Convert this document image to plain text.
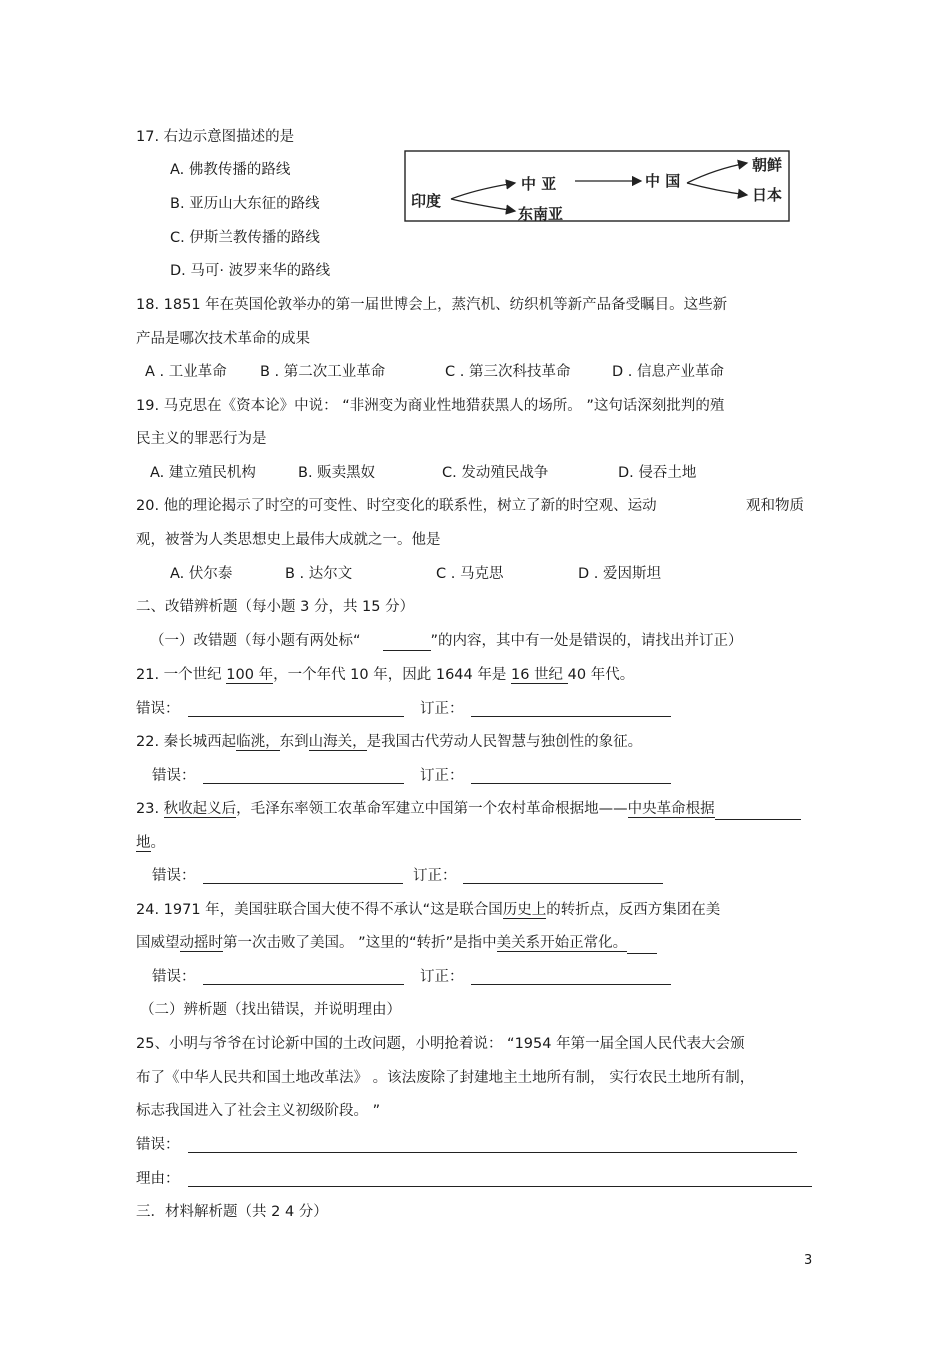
17. 右边示意图描述的是
A. 佛教传播的路线
B. 亚历山大东征的路线
C. 伊斯兰教传播的路线
D. 马可· 波罗来华的路线
印度
中 亚
东南亚
中 国
朝鲜
日本
18. 1851 年在英国伦敦举办的第一届世博会上，蒸汽机、纺织机等新产品备受瞩目。这些新
产品是哪次技术革命的成果
A . 工业革命 B . 第二次工业革命	C . 第三次科技革命	D . 信息产业革命
19. 马克思在《资本论》中说： “非洲变为商业性地猎获黑人的场所。 ”这句话深刻批判的殖
民主义的罪恶行为是
A. 建立殖民机构	B. 贩卖黑奴	C. 发动殖民战争	D. 侵吞土地
20. 他的理论揭示了时空的可变性、时空变化的联系性，树立了新的时空观、运动	观和物质
观，被誉为人类思想史上最伟大成就之一。他是
A. 伏尔泰	B . 达尔文	C . 马克思	D . 爱因斯坦
二、改错辨析题（每小题 3 分，共 15 分）
（一）改错题（每小题有两处标“	”的内容，其中有一处是错误的，请找出并订正）
21. 一个世纪 100 年，一个年代 10 年，因此 1644 年是 16 世纪 40 年代。
错误：	订正：
22. 秦长城西起临洮，东到山海关，是我国古代劳动人民智慧与独创性的象征。
错误：	订正：
23. 秋收起义后，毛泽东率领工农革命军建立中国第一个农村革命根据地——中央革命根据
地。
错误：	订正：
24. 1971 年，美国驻联合国大使不得不承认“这是联合国历史上的转折点，反西方集团在美
国威望动摇时第一次击败了美国。 ”这里的“转折”是指中美关系开始正常化。
错误：	订正：
（二）辨析题（找出错误，并说明理由）
25、小明与爷爷在讨论新中国的土改问题，小明抢着说： “1954 年第一届全国人民代表大会颁
布了《中华人民共和国土地改革法》 。该法废除了封建地主土地所有制， 实行农民土地所有制，
标志我国进入了社会主义初级阶段。 ”
错误：
理由：
三．材料解析题（共 2 4 分）
3
